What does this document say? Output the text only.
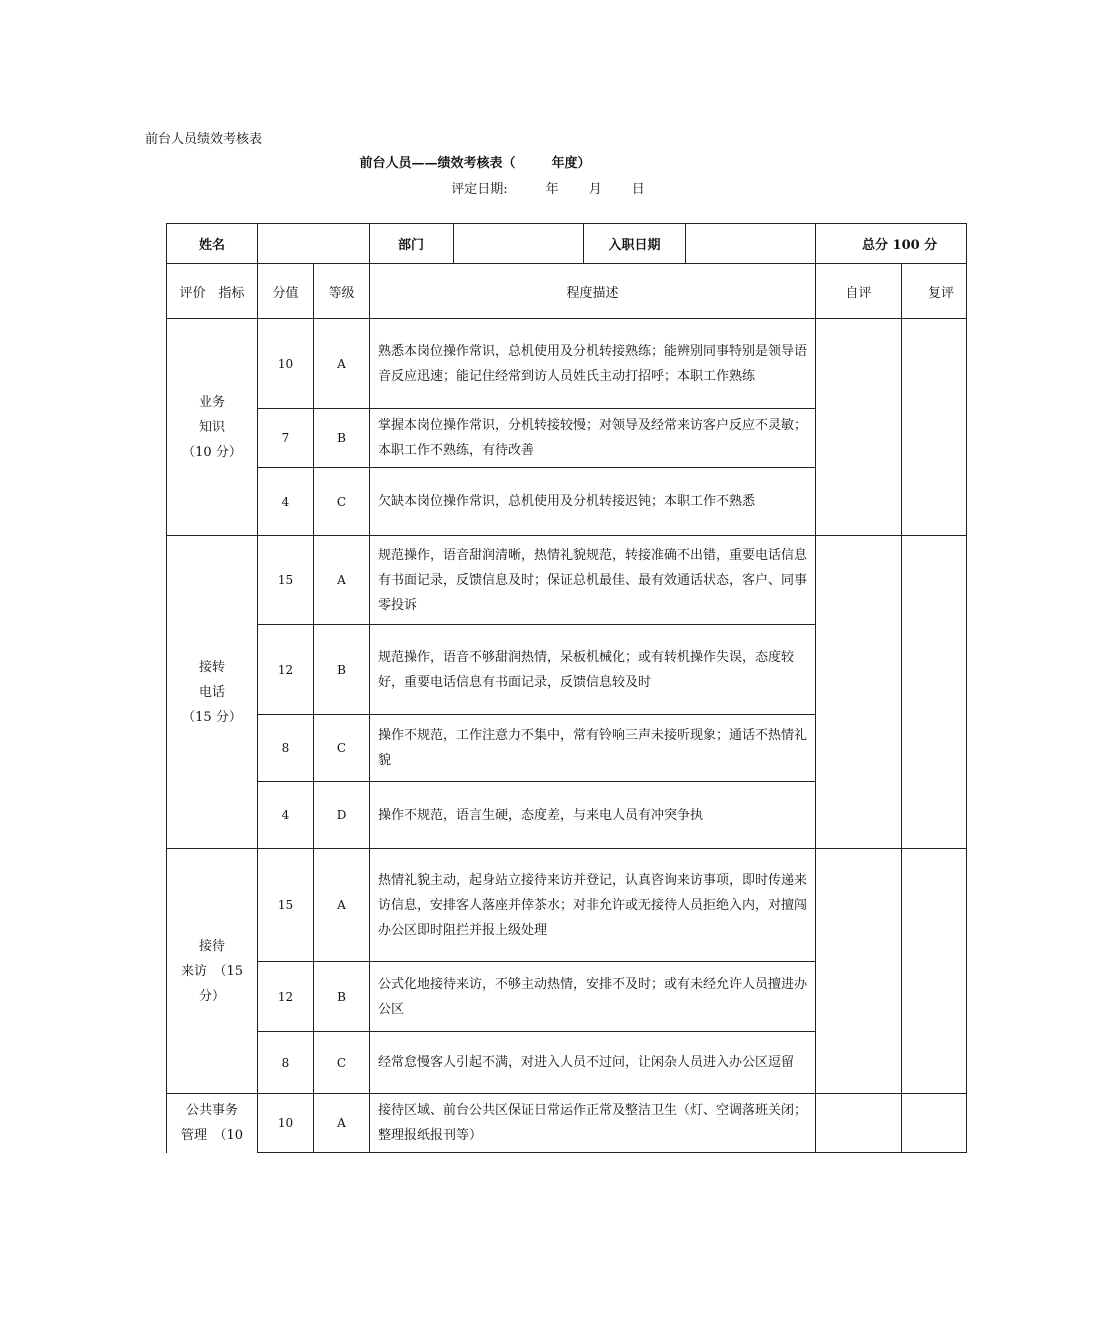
前台人员绩效考核表
前台人员——绩效考核表（	年度）
评定日期:	年 月 日
姓名			部门		入职日期		总分 100 分	
评价　指标	分值	等级	程度描述				自评	复评
业务
知识
（10 分）	10	A	熟悉本岗位操作常识，总机使用及分机转接熟练；能辨别同事特别是领导语音反应迅速；能记住经常到访人员姓氏主动打招呼；本职工作熟练					
	7	B	掌握本岗位操作常识，分机转接较慢；对领导及经常来访客户反应不灵敏；本职工作不熟练，有待改善					
	4	C	欠缺本岗位操作常识，总机使用及分机转接迟钝；本职工作不熟悉					
接转
电话
（15 分）	15	A	规范操作，语音甜润清晰，热情礼貌规范，转接准确不出错，重要电话信息有书面记录，反馈信息及时；保证总机最佳、最有效通话状态，客户、同事零投诉					
	12	B	规范操作，语音不够甜润热情，呆板机械化；或有转机操作失误，态度较好，重要电话信息有书面记录，反馈信息较及时					
	8	C	操作不规范，工作注意力不集中，常有铃响三声未接听现象；通话不热情礼貌					
	4	D	操作不规范，语言生硬，态度差，与来电人员有冲突争执					
接待
来访　（15
分）	15	A	热情礼貌主动，起身站立接待来访并登记，认真咨询来访事项，即时传递来访信息，安排客人落座并倖茶水；对非允许或无接待人员拒绝入内，对擅闯办公区即时阻拦并报上级处理					
	12	B	公式化地接待来访，不够主动热情，安排不及时；或有未经允许人员擅进办公区					
	8	C	经常怠慢客人引起不满，对进入人员不过问，让闲杂人员进入办公区逗留					
公共事务
管理　（10	10	A	接待区域、前台公共区保证日常运作正常及整洁卫生（灯、空调落班关闭；整理报纸报刊等）					
